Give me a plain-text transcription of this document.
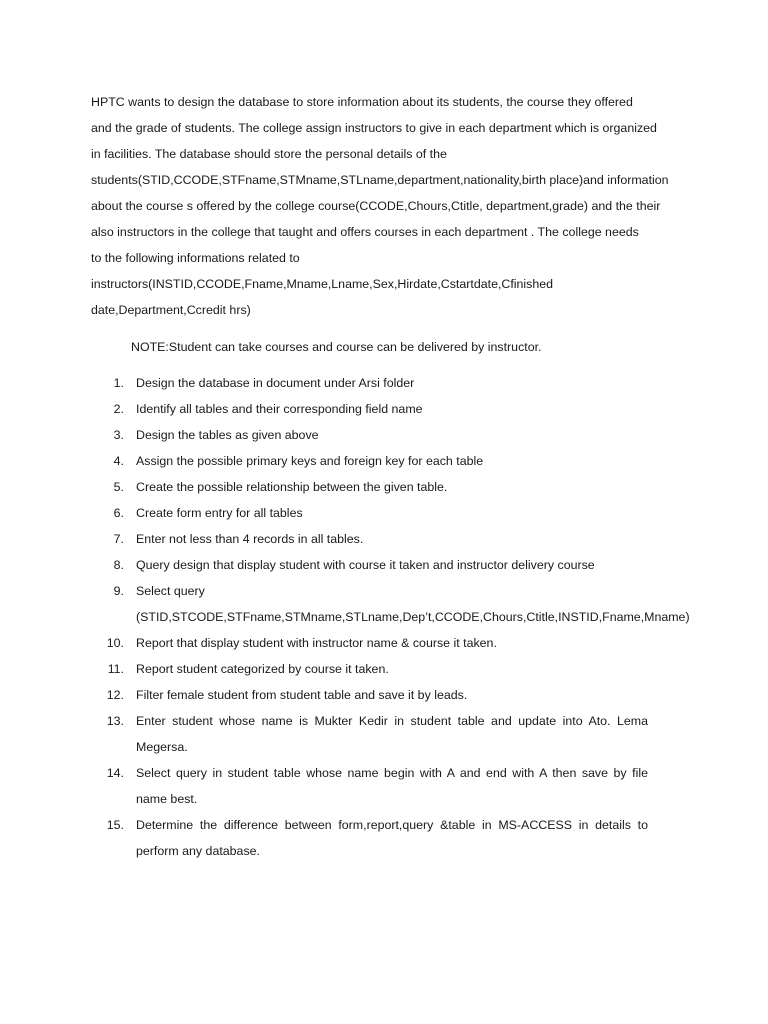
HPTC wants to design the database to store information about its students, the course they offered
and the grade of students. The college assign instructors to give in each department which is organized
in facilities. The database should store the personal details of the
students(STID,CCODE,STFname,STMname,STLname,department,nationality,birth place)and information
about the course s offered by the college course(CCODE,Chours,Ctitle, department,grade) and the their
also instructors in the college that taught and offers courses in each department . The college needs
to the following informations related to
instructors(INSTID,CCODE,Fname,Mname,Lname,Sex,Hirdate,Cstartdate,Cfinished
date,Department,Ccredit hrs)
NOTE:Student can take courses and course can be delivered by instructor.
1. Design the database in document under Arsi folder
2. Identify all tables and their corresponding field name
3. Design the tables as given above
4. Assign the possible primary keys and foreign key for each table
5. Create the possible relationship between the given table.
6. Create form entry for all tables
7. Enter not less than 4 records in all tables.
8. Query design that display student with course it taken and instructor delivery course
9. Select query
(STID,STCODE,STFname,STMname,STLname,Dep’t,CCODE,Chours,Ctitle,INSTID,Fname,Mname)
10. Report that display student with instructor name & course it taken.
11. Report student categorized by course it taken.
12. Filter female student from student table and save it by leads.
13. Enter student whose name is Mukter Kedir in student table and update into Ato. Lema
Megersa.
14. Select query in student table whose name begin with A and end with A then save by file
name best.
15. Determine the difference between form,report,query &table in MS-ACCESS in details to
perform any database.
